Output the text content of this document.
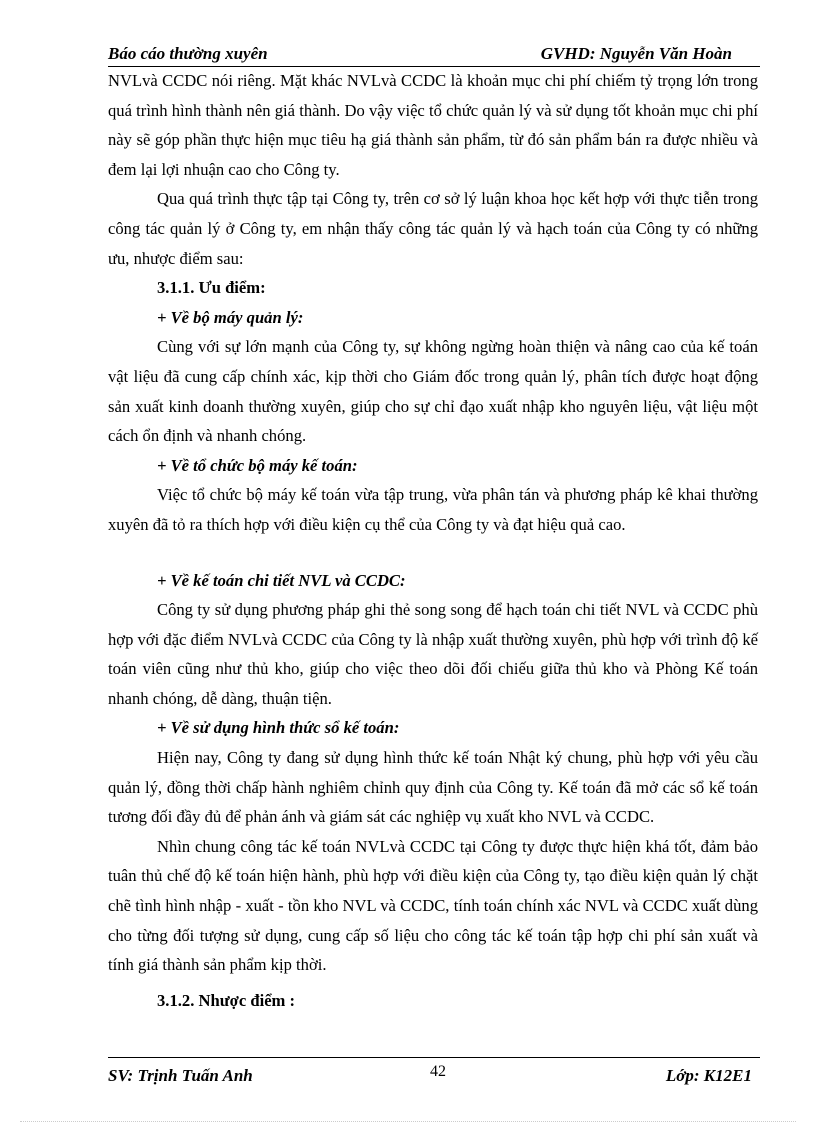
Báo cáo thường xuyên	GVHD: Nguyễn Văn Hoàn

NVLvà CCDC nói riêng. Mặt khác NVLvà CCDC là khoản mục chi phí chiếm tỷ trọng lớn trong quá trình hình thành nên giá thành. Do vậy việc tổ chức quản lý và sử dụng tốt khoản mục chi phí này sẽ góp phần thực hiện mục tiêu hạ giá thành sản phẩm, từ đó sản phẩm bán ra được nhiều và đem lại lợi nhuận cao cho Công ty.

Qua quá trình thực tập tại Công ty, trên cơ sở lý luận khoa học kết hợp với thực tiễn trong công tác quản lý ở Công ty, em nhận thấy công tác quản lý và hạch toán của Công ty có những ưu, nhược điểm sau:

3.1.1. Ưu điểm:

+ Về bộ máy quản lý:

Cùng với sự lớn mạnh của Công ty, sự không ngừng hoàn thiện và nâng cao của kế toán vật liệu đã cung cấp chính xác, kịp thời cho Giám đốc trong quản lý, phân tích được hoạt động sản xuất kinh doanh thường xuyên, giúp cho sự chỉ đạo xuất nhập kho nguyên liệu, vật liệu một cách ổn định và nhanh chóng.

+ Về tổ chức bộ máy kế toán:

Việc tổ chức bộ máy kế toán vừa tập trung, vừa phân tán và phương pháp kê khai thường xuyên đã tỏ ra thích hợp với điều kiện cụ thể của Công ty và đạt hiệu quả cao.

+ Về kế toán chi tiết NVL và CCDC:

Công ty sử dụng phương pháp ghi thẻ song song để hạch toán chi tiết NVL và CCDC phù hợp với đặc điểm NVLvà CCDC của Công ty là nhập xuất thường xuyên, phù hợp với trình độ kế toán viên cũng như thủ kho, giúp cho việc theo dõi đối chiếu giữa thủ kho và Phòng Kế toán nhanh chóng, dễ dàng, thuận tiện.

+ Về sử dụng hình thức sổ kế toán:

Hiện nay, Công ty đang sử dụng hình thức kế toán Nhật ký chung, phù hợp với yêu cầu quản lý, đồng thời chấp hành nghiêm chỉnh quy định của Công ty. Kế toán đã mở các sổ kế toán tương đối đầy đủ để phản ánh và giám sát các nghiệp vụ xuất kho NVL và CCDC.

Nhìn chung công tác kế toán NVLvà CCDC tại Công ty được thực hiện khá tốt, đảm bảo tuân thủ chế độ kế toán hiện hành, phù hợp với điều kiện của Công ty, tạo điều kiện quản lý chặt chẽ tình hình nhập - xuất - tồn kho NVL và CCDC, tính toán chính xác NVL và CCDC xuất dùng cho từng đối tượng sử dụng, cung cấp số liệu cho công tác kế toán tập hợp chi phí sản xuất và tính giá thành sản phẩm kịp thời.

3.1.2. Nhược điểm :

SV: Trịnh Tuấn Anh	42	Lớp: K12E1
